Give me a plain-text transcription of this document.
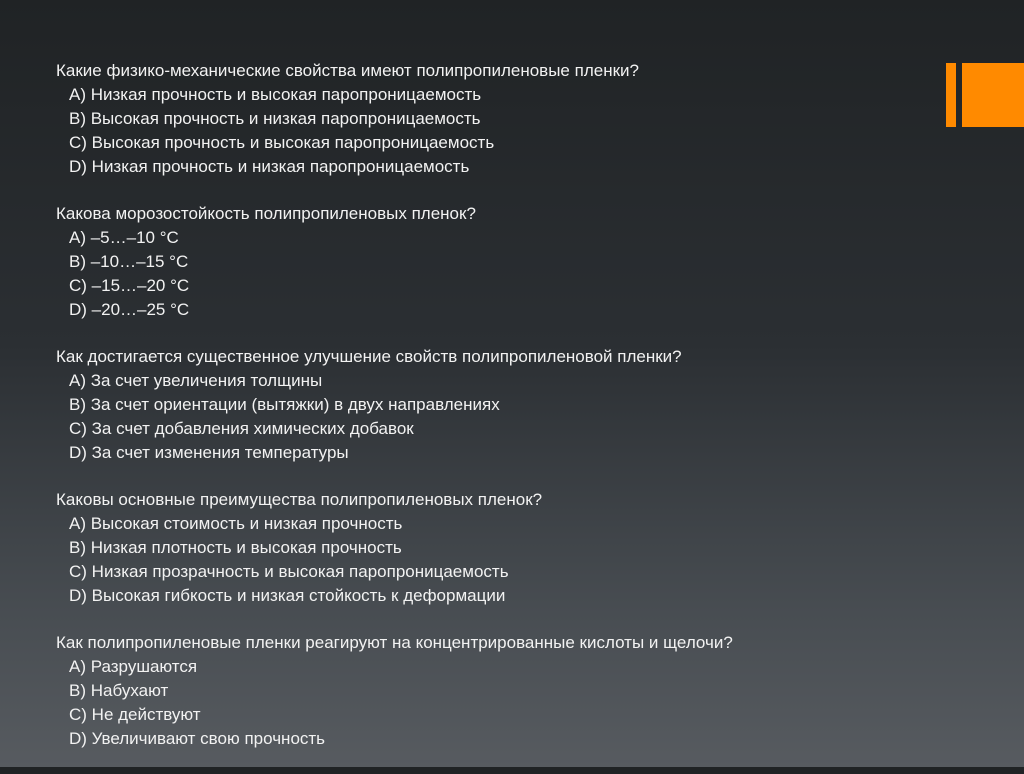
Какие физико-механические свойства имеют полипропиленовые пленки?
A) Низкая прочность и высокая паропроницаемость
B) Высокая прочность и низкая паропроницаемость
C) Высокая прочность и высокая паропроницаемость
D) Низкая прочность и низкая паропроницаемость
Какова морозостойкость полипропиленовых пленок?
A) –5…–10 °C
B) –10…–15 °C
C) –15…–20 °C
D) –20…–25 °C
Как достигается существенное улучшение свойств полипропиленовой пленки?
A) За счет увеличения толщины
B) За счет ориентации (вытяжки) в двух направлениях
C) За счет добавления химических добавок
D) За счет изменения температуры
Каковы основные преимущества полипропиленовых пленок?
A) Высокая стоимость и низкая прочность
B) Низкая плотность и высокая прочность
C) Низкая прозрачность и высокая паропроницаемость
D) Высокая гибкость и низкая стойкость к деформации
Как полипропиленовые пленки реагируют на концентрированные кислоты и щелочи?
A) Разрушаются
B) Набухают
C) Не действуют
D) Увеличивают свою прочность
